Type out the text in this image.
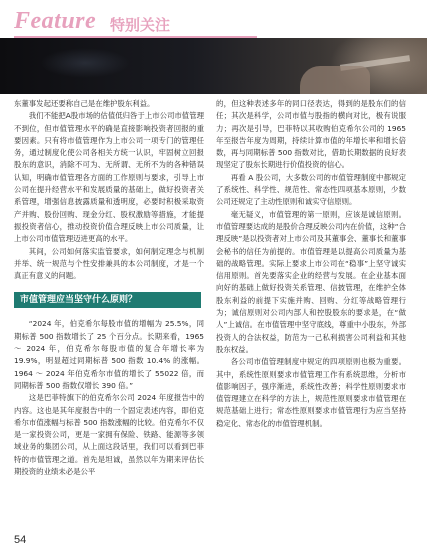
Feature 特别关注

东董事发起还要称自己是在维护股东利益。

我们不能把A股市场的估值低归咎于上市公司市值管理不到位，但市值管理水平的确是直接影响投资者回报的重要因素。只有将市值管理作为上市公司一项专门的管理任务，通过制度化使公司各相关方统一认识，牢固树立回报股东的意识，消除不可为、无所谓、无所不为的各种错误认知，明确市值管理各方面的工作原则与要求，引导上市公司在提升经营水平和发展质量的基础上，做好投资者关系管理，增强信息披露质量和透明度，必要时积极采取资产并购、股份回购、现金分红、股权激励等措施，才能提振投资者信心，推动投资价值合理反映上市公司质量，让上市公司市值管理迈进更高的水平。

其间，公司如何落实监管要求，如何制定理念与机制并举、统一规范与个性安排兼具的本公司制度，才是一个真正有意义的问题。

市值管理应当坚守什么原则？

“2024 年，伯克希尔每股市值的增幅为 25.5%，同期标普 500 指数增长了 25 个百分点。长期来看，1965 ～ 2024 年，伯克希尔每股市值的复合年增长率为 19.9%，明显超过同期标普 500 指数 10.4% 的涨幅。1964 ～ 2024 年伯克希尔市值的增长了 55022 倍，而同期标普 500 指数仅增长 390 倍。”

这是巴菲特旗下的伯克希尔公司 2024 年度报告中的内容。这也是其年度报告中的一个固定表述内容，即伯克希尔市值涨幅与标普 500 指数涨幅的比较。伯克希尔不仅是一家投资公司，更是一家拥有保险、铁路、能源等多领域业务的集团公司，从上面这段话里，我们可以看到巴菲特的市值管理之道。首先是坦诚，虽然以年为期来评估长期投资的业绩未必是公平

的，但这种表述多年的同口径表达，得到的是股东们的信任；其次是科学，公司市值与股指的横向对比，极有说服力；再次是引导，巴菲特以其收购伯克希尔公司的 1965 年至报告年度为周期，持续计算市值的年增长率和增长倍数，再与同期标普 500 指数对比，借助长期数据的良好表现坚定了股东长期进行价值投资的信心。

再看 A 股公司，大多数公司的市值管理制度中都规定了系统性、科学性、规范性、常态性四项基本原则，少数公司还规定了主动性原则和诚实守信原则。

毫无疑义，市值管理的第一原则，应该是诚信原则。市值管理要达成的是股价合理反映公司内在价值，这种“合理反映”是以投资者对上市公司及其董事会、董事长和董事会秘书的信任为前提的。市值管理是以提高公司质量为基础的战略管理。实际上要求上市公司在“稳事”上坚守诚实信用原则。首先要落实企业的经营与发展。在企业基本面向好的基础上做好投资关系管理、信披管理，在维护全体股东利益的前提下实施并购、回购、分红等战略管理行为；诚信原则对公司内部人和控股股东的要求是，在“做人”上诚信。在市值管理中坚守底线，尊重中小股东，外部投资人的合法权益，防范为一己私利损害公司利益和其他股东权益。

各公司市值管理制度中规定的四项原则也极为重要。其中，系统性原则要求市值管理工作有系统思维，分析市值影响因子，强序渐进，系统性改善；科学性原则要求市值管理建立在科学的方法上，规范性原则要求市值管理在规范基础上进行；常态性原则要求市值管理行为应当坚持稳定化、常态化的市值管理机制。

54
